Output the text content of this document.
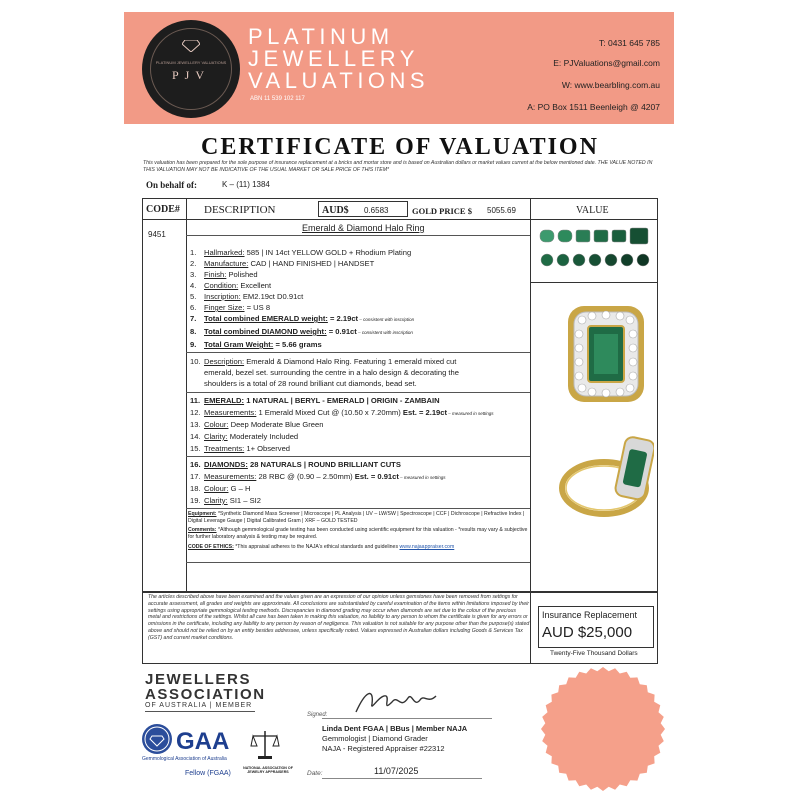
PLATINUM JEWELLERY VALUATIONS
PJV
PLATINUM
JEWELLERY
VALUATIONS
ABN 11 539 102 117
T: 0431 645 785
E: PJValuations@gmail.com
W: www.bearbling.com.au
A: PO Box 1511 Beenleigh @ 4207
CERTIFICATE OF VALUATION
This valuation has been prepared for the sole purpose of insurance replacement at a bricks and mortar store and is based on Australian dollars or market values current at the below mentioned date. THE VALUE NOTED IN THIS VALUATION MAY NOT BE INDICATIVE OF THE USUAL MARKET OR SALE PRICE OF THIS ITEM*
On behalf of:	K – (11) 1384
CODE# DESCRIPTION	AUD$ 0.6583	GOLD PRICE $ 5055.69	VALUE
9451
Emerald & Diamond Halo Ring
1. Hallmarked: 585 | IN 14ct YELLOW GOLD + Rhodium Plating
2. Manufacture: CAD | HAND FINISHED | HANDSET
3. Finish: Polished
4. Condition: Excellent
5. Inscription: EM2.19ct D0.91ct
6. Finger Size: = US 8
7. Total combined EMERALD weight: = 2.19ct – consistent with inscription
8. Total combined DIAMOND weight: = 0.91ct – consistent with inscription
9. Total Gram Weight: = 5.66 grams
10. Description: Emerald & Diamond Halo Ring. Featuring 1 emerald mixed cut
emerald, bezel set. surrounding the centre in a halo design & decorating the
shoulders is a total of 28 round brilliant cut diamonds, bead set.
11. EMERALD: 1 NATURAL | BERYL - EMERALD | ORIGIN - ZAMBAIN
12. Measurements: 1 Emerald Mixed Cut @ (10.50 x 7.20mm) Est. = 2.19ct – measured in settings
13. Colour: Deep Moderate Blue Green
14. Clarity: Moderately Included
15. Treatments: 1+ Observed
16. DIAMONDS: 28 NATURALS | ROUND BRILLIANT CUTS
17. Measurements: 28 RBC @ (0.90 – 2.50mm) Est. = 0.91ct – measured in settings
18. Colour: G – H
19. Clarity: SI1 – SI2
Equipment: *Synthetic Diamond Mass Screener | Microscope | PL Analysis | UV – LW/SW | Spectroscope | CCF | Dichroscope | Refractive Index | Digital Leverage Gauge | Digital Calibrated Gram | XRF – GOLD TESTED
Comments: *Although gemmological grade testing has been conducted using scientific equipment for this valuation - *results may vary & subjective for further laboratory analysis & testing may be required.
CODE OF ETHICS: *This appraisal adheres to the NAJA's ethical standards and guidelines www.najaappraiser.com
The articles described above have been examined and the values given are an expression of our opinion unless gemstones have been removed from settings for accurate assessment, all grades and weights are approximate. All conclusions are substantiated by careful examination of the items within limitations imposed by their settings using appropriate gemmological testing methods. Discrepancies in diamond grading may occur when diamonds are set due to the colour of the precious metal and restrictions of the settings. Whilst all care has been taken in making this valuation, no liability to any person to whom the certificate is given for any errors or omissions in the certificate, including any liability to any person by reason of negligence. This valuation is not suitable for any purpose other than the purpose(s) stated above and should not be relied on by an entity besides addressee, unless specifically noted. Values expressed in Australian dollars including Goods & Services Tax (GST) and current market conditions.
Insurance Replacement
AUD $25,000
Twenty-Five Thousand Dollars
JEWELLERS
ASSOCIATION
OF AUSTRALIA | MEMBER
GAA
Gemmological Association of Australia
Fellow (FGAA)
NATIONAL ASSOCIATION OF JEWELRY APPRAISERS
Signed:
Linda Dent FGAA | BBus | Member NAJA
Gemmologist | Diamond Grader
NAJA - Registered Appraiser #22312
Date:	11/07/2025
